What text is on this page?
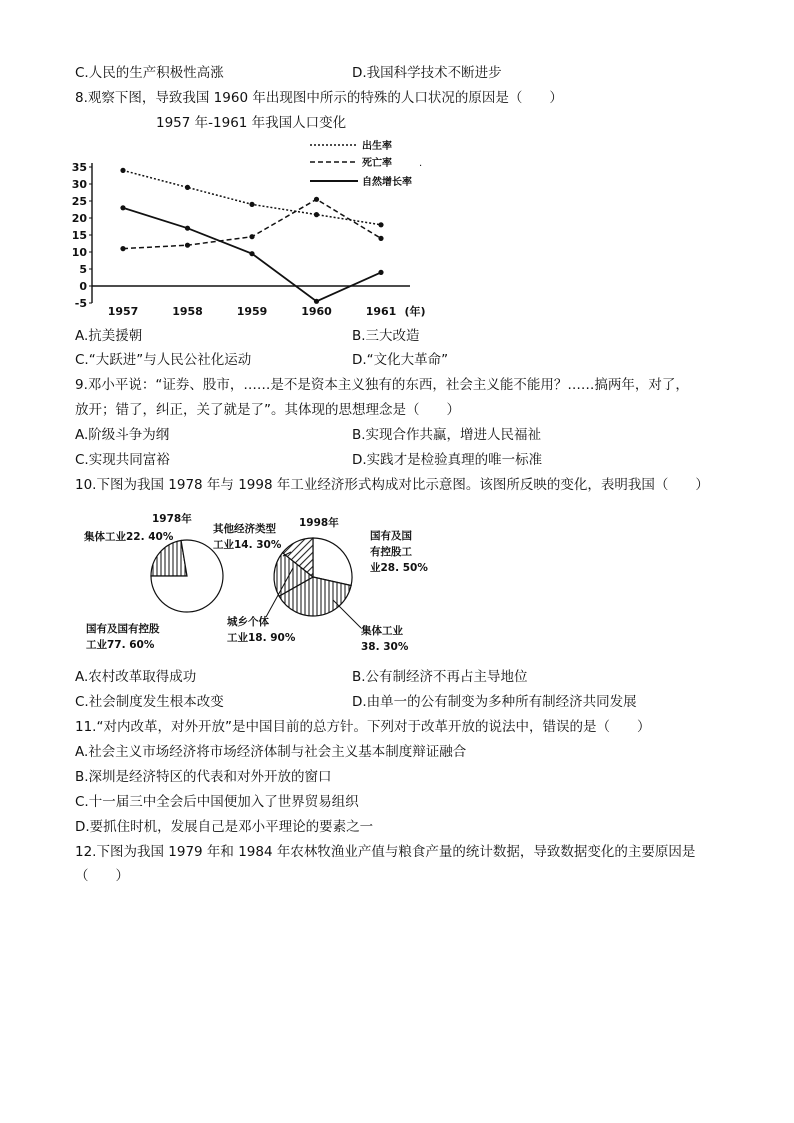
C.人民的生产积极性高涨	D.我国科学技术不断进步
8.观察下图，导致我国 1960 年出现图中所示的特殊的人口状况的原因是（　　）
1957 年-1961 年我国人口变化
35
30
25
20
15
10
5
0
-5
1957	1958	1959	1960	1961 (年)
出生率
死亡率
自然增长率
.
A.抗美援朝	B.三大改造
C.“大跃进”与人民公社化运动	D.“文化大革命”
9.邓小平说：“证券、股市，……是不是资本主义独有的东西，社会主义能不能用？……搞两年，对了，
放开；错了，纠正，关了就是了”。其体现的思想理念是（　　）
A.阶级斗争为纲	B.实现合作共赢，增进人民福祉
C.实现共同富裕	D.实践才是检验真理的唯一标准
10.下图为我国 1978 年与 1998 年工业经济形式构成对比示意图。该图所反映的变化，表明我国（　　）
1978年
集体工业22. 40%
国有及国有控股
工业77. 60%
1998年
国有及国
有控股工
业28. 50%
集体工业
38. 30%
城乡个体
工业18. 90%
其他经济类型
工业14. 30%
A.农村改革取得成功	B.公有制经济不再占主导地位
C.社会制度发生根本改变	D.由单一的公有制变为多种所有制经济共同发展
11.“对内改革，对外开放”是中国目前的总方针。下列对于改革开放的说法中，错误的是（　　）
A.社会主义市场经济将市场经济体制与社会主义基本制度辩证融合
B.深圳是经济特区的代表和对外开放的窗口
C.十一届三中全会后中国便加入了世界贸易组织
D.要抓住时机，发展自己是邓小平理论的要素之一
12.下图为我国 1979 年和 1984 年农林牧渔业产值与粮食产量的统计数据，导致数据变化的主要原因是
（　　）
